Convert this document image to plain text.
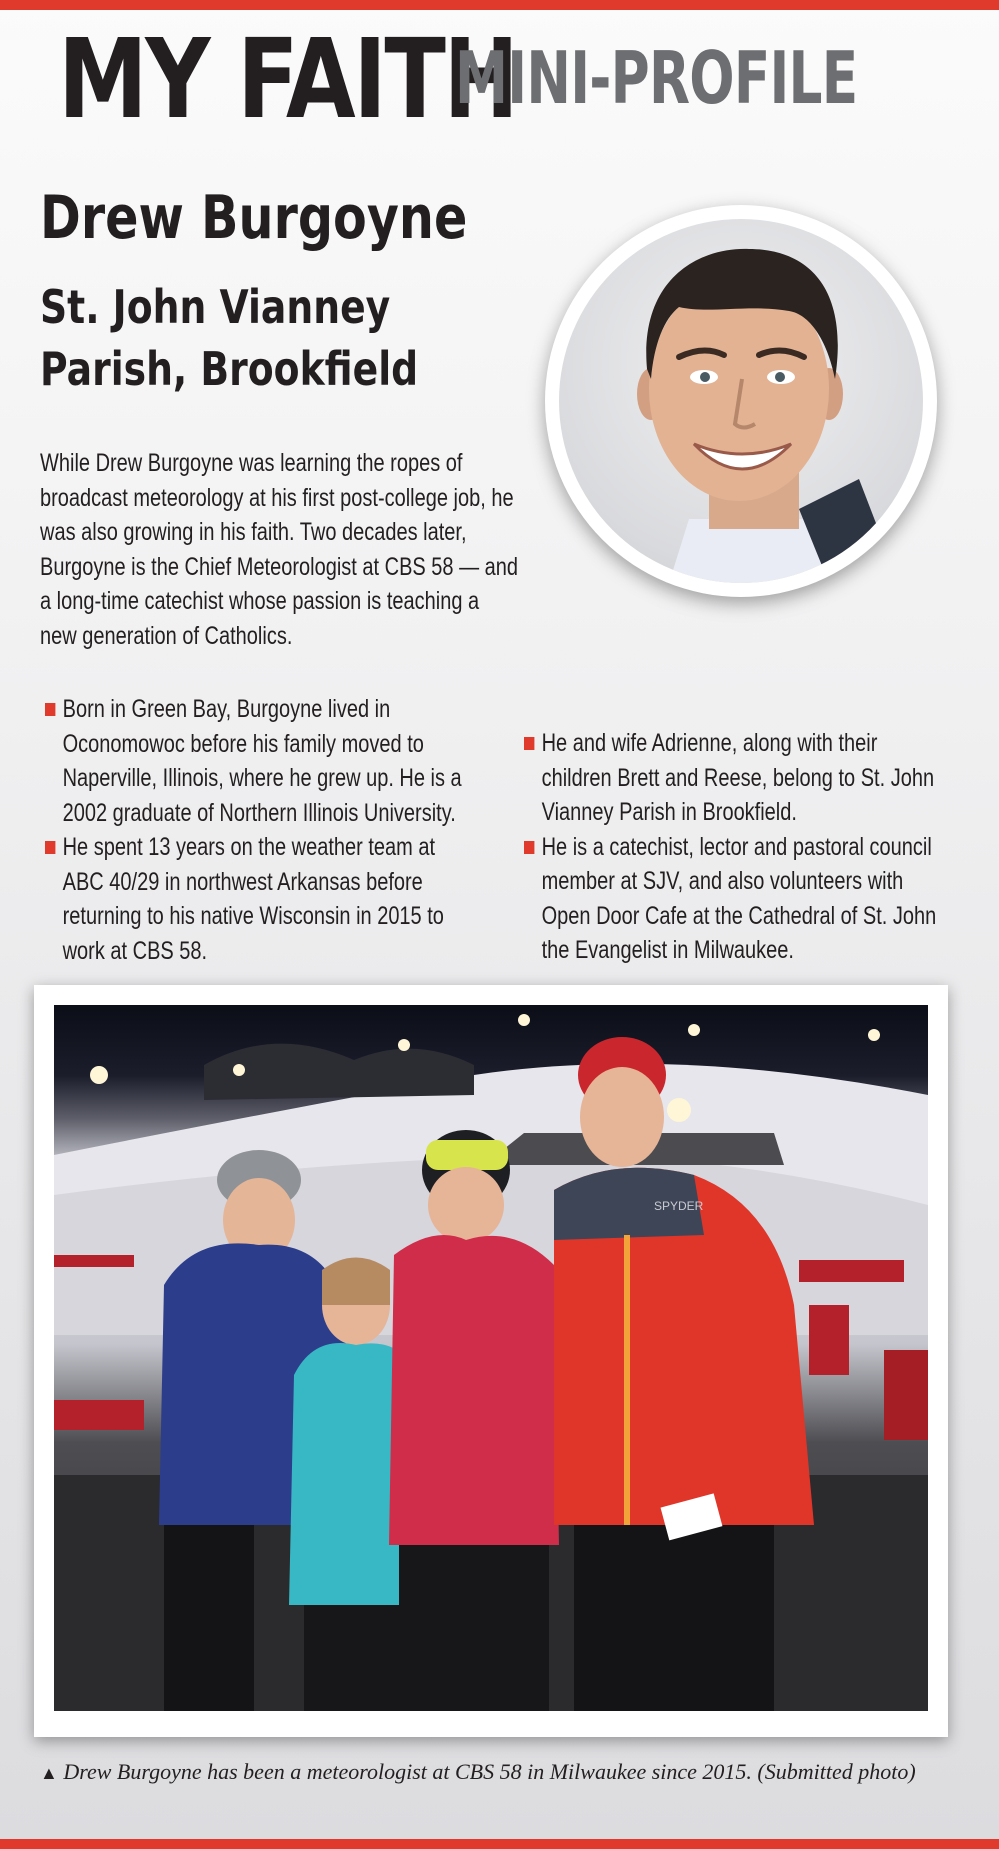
MY FAITH
MINI-PROFILE
Drew Burgoyne
St. John Vianney
Parish, Brookfield
While Drew Burgoyne was learning the ropes of broadcast meteorology at his first post-college job, he was also growing in his faith. Two decades later, Burgoyne is the Chief Meteorologist at CBS 58 — and a long-time catechist whose passion is teaching a new generation of Catholics.
Born in Green Bay, Burgoyne lived in Oconomowoc before his family moved to Naperville, Illinois, where he grew up. He is a 2002 graduate of Northern Illinois University.
He spent 13 years on the weather team at ABC 40/29 in northwest Arkansas before returning to his native Wisconsin in 2015 to work at CBS 58.
He and wife Adrienne, along with their children Brett and Reese, belong to St. John Vianney Parish in Brookfield.
He is a catechist, lector and pastoral council member at SJV, and also volunteers with Open Door Cafe at the Cathedral of St. John the Evangelist in Milwaukee.
SPYDER
▲ Drew Burgoyne has been a meteorologist at CBS 58 in Milwaukee since 2015. (Submitted photo)
